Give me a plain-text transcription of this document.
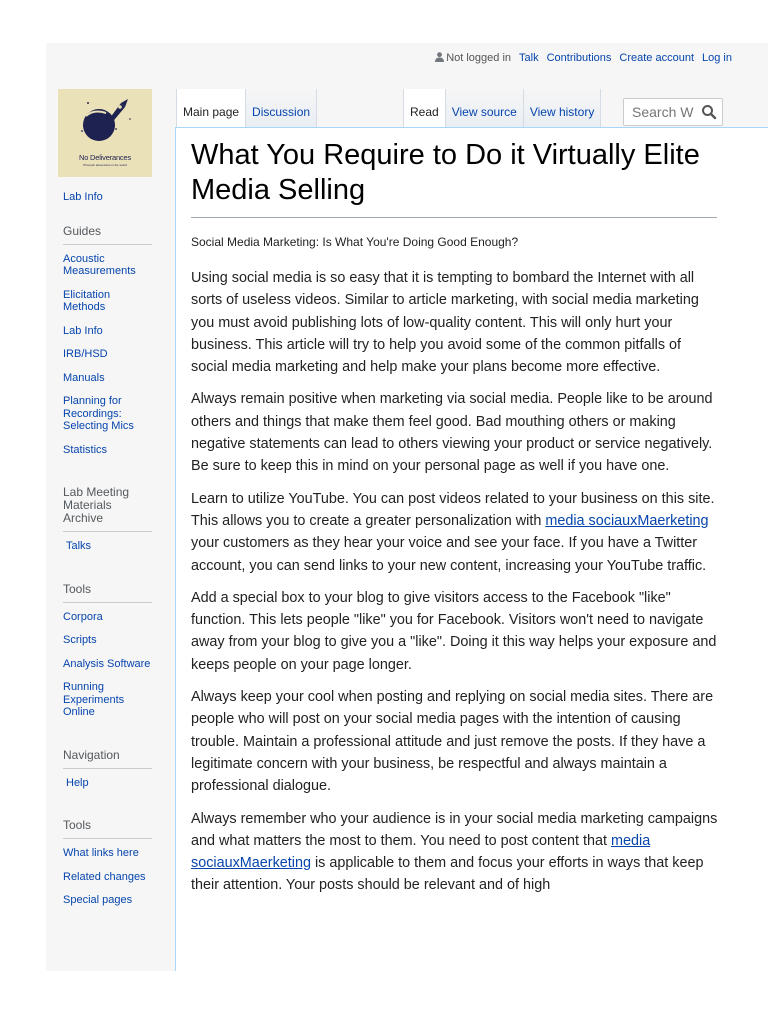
Not logged in Talk Contributions Create account Log in
No Deliverances
Phonetic adventures in the world
Lab Info
Guides
Acoustic Measurements
Elicitation Methods
Lab Info
IRB/HSD
Manuals
Planning for Recordings: Selecting Mics
Statistics
Lab Meeting Materials Archive
Talks
Tools
Corpora
Scripts
Analysis Software
Running Experiments Online
Navigation
Help
Tools
What links here
Related changes
Special pages
Main page	Discussion	Read	View source	View history
Search W
What You Require to Do it Virtually Elite Media Selling
Social Media Marketing: Is What You're Doing Good Enough?

Using social media is so easy that it is tempting to bombard the Internet with all sorts of useless videos. Similar to article marketing, with social media marketing you must avoid publishing lots of low-quality content. This will only hurt your business. This article will try to help you avoid some of the common pitfalls of social media marketing and help make your plans become more effective.

Always remain positive when marketing via social media. People like to be around others and things that make them feel good. Bad mouthing others or making negative statements can lead to others viewing your product or service negatively. Be sure to keep this in mind on your personal page as well if you have one.

Learn to utilize YouTube. You can post videos related to your business on this site. This allows you to create a greater personalization with media sociauxMaerketing your customers as they hear your voice and see your face. If you have a Twitter account, you can send links to your new content, increasing your YouTube traffic.

Add a special box to your blog to give visitors access to the Facebook "like" function. This lets people "like" you for Facebook. Visitors won't need to navigate away from your blog to give you a "like". Doing it this way helps your exposure and keeps people on your page longer.

Always keep your cool when posting and replying on social media sites. There are people who will post on your social media pages with the intention of causing trouble. Maintain a professional attitude and just remove the posts. If they have a legitimate concern with your business, be respectful and always maintain a professional dialogue.

Always remember who your audience is in your social media marketing campaigns and what matters the most to them. You need to post content that media sociauxMaerketing is applicable to them and focus your efforts in ways that keep their attention. Your posts should be relevant and of high
